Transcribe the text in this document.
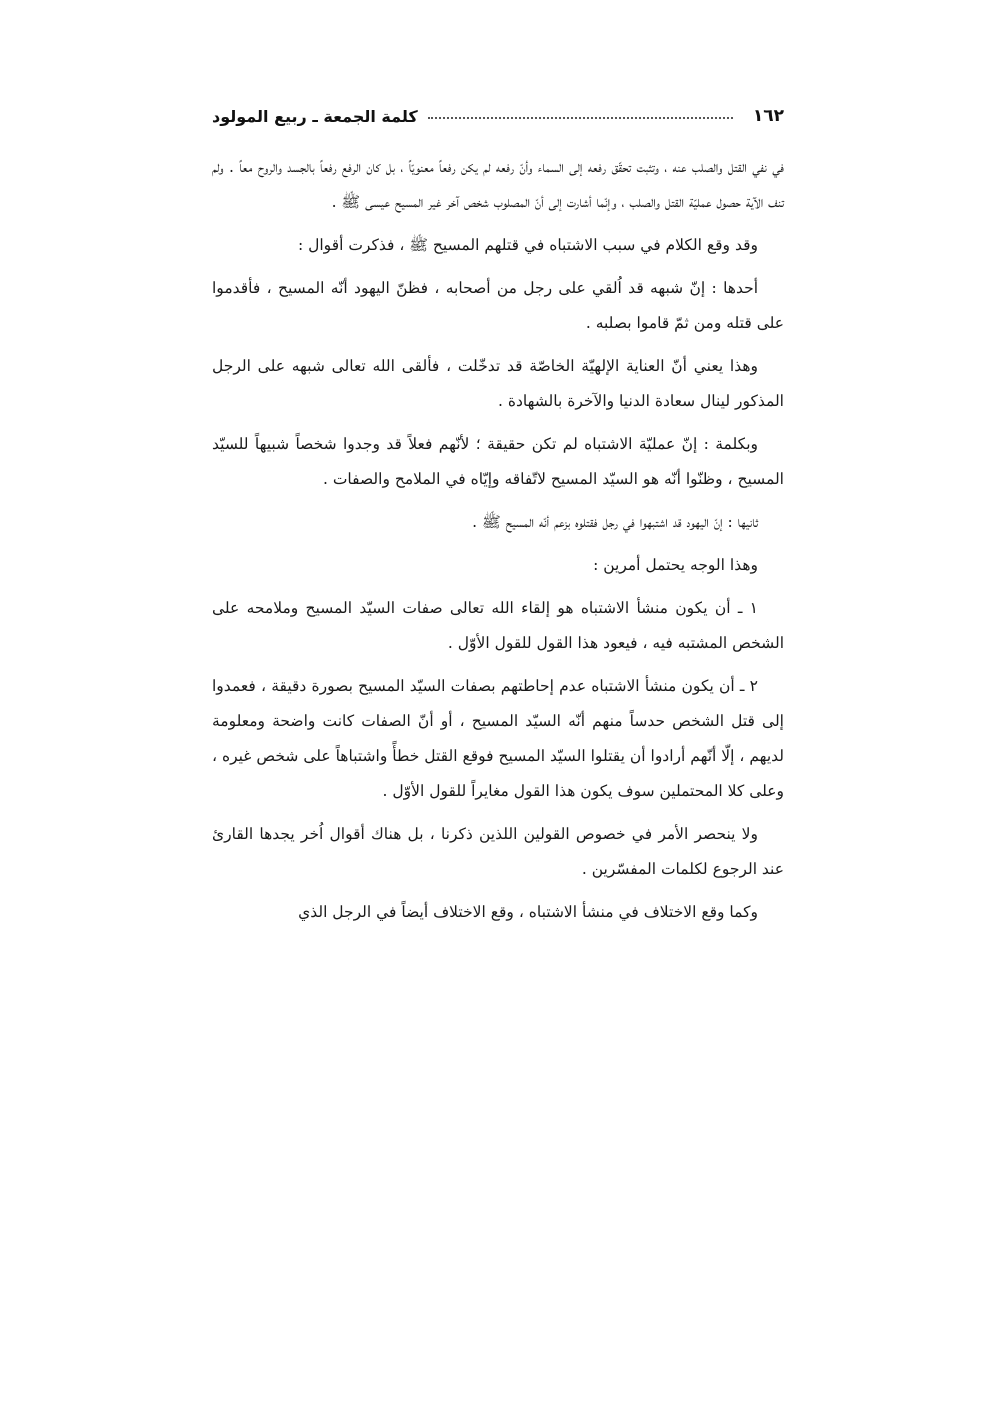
١٦٢
كلمة الجمعة ـ ربيع المولود

في نفي القتل والصلب عنه ، وتثبت تحقّق رفعه إلى السماء وأنّ رفعه لم يكن رفعاً معنويّاً ، بل كان الرفع رفعاً بالجسد والروح معاً . ولم تنف الآية حصول عمليّة القتل والصلب ، وإنّما أشارت إلى أنّ المصلوب شخص آخر غير المسيح عيسى ﷺ .

وقد وقع الكلام في سبب الاشتباه في قتلهم المسيح ﷺ ، فذكرت أقوال :

أحدها : إنّ شبهه قد اُلقي على رجل من أصحابه ، فظنّ اليهود أنّه المسيح ، فأقدموا على قتله ومن ثمّ قاموا بصلبه .

وهذا يعني أنّ العناية الإلهيّة الخاصّة قد تدخّلت ، فألقى الله تعالى شبهه على الرجل المذكور لينال سعادة الدنيا والآخرة بالشهادة .

وبكلمة : إنّ عمليّة الاشتباه لم تكن حقيقة ؛ لأنّهم فعلاً قد وجدوا شخصاً شبيهاً للسيّد المسيح ، وظنّوا أنّه هو السيّد المسيح لاتّفاقه وإيّاه في الملامح والصفات .

ثانيها : إنّ اليهود قد اشتبهوا في رجل فقتلوه بزعم أنّه المسيح ﷺ .

وهذا الوجه يحتمل أمرين :

١ ـ أن يكون منشأ الاشتباه هو إلقاء الله تعالى صفات السيّد المسيح وملامحه على الشخص المشتبه فيه ، فيعود هذا القول للقول الأوّل .

٢ ـ أن يكون منشأ الاشتباه عدم إحاطتهم بصفات السيّد المسيح بصورة دقيقة ، فعمدوا إلى قتل الشخص حدساً منهم أنّه السيّد المسيح ، أو أنّ الصفات كانت واضحة ومعلومة لديهم ، إلّا أنّهم أرادوا أن يقتلوا السيّد المسيح فوقع القتل خطأً واشتباهاً على شخص غيره ، وعلى كلا المحتملين سوف يكون هذا القول مغايراً للقول الأوّل .

ولا ينحصر الأمر في خصوص القولين اللذين ذكرنا ، بل هناك أقوال اُخر يجدها القارئ عند الرجوع لكلمات المفسّرين .

وكما وقع الاختلاف في منشأ الاشتباه ، وقع الاختلاف أيضاً في الرجل الذي
